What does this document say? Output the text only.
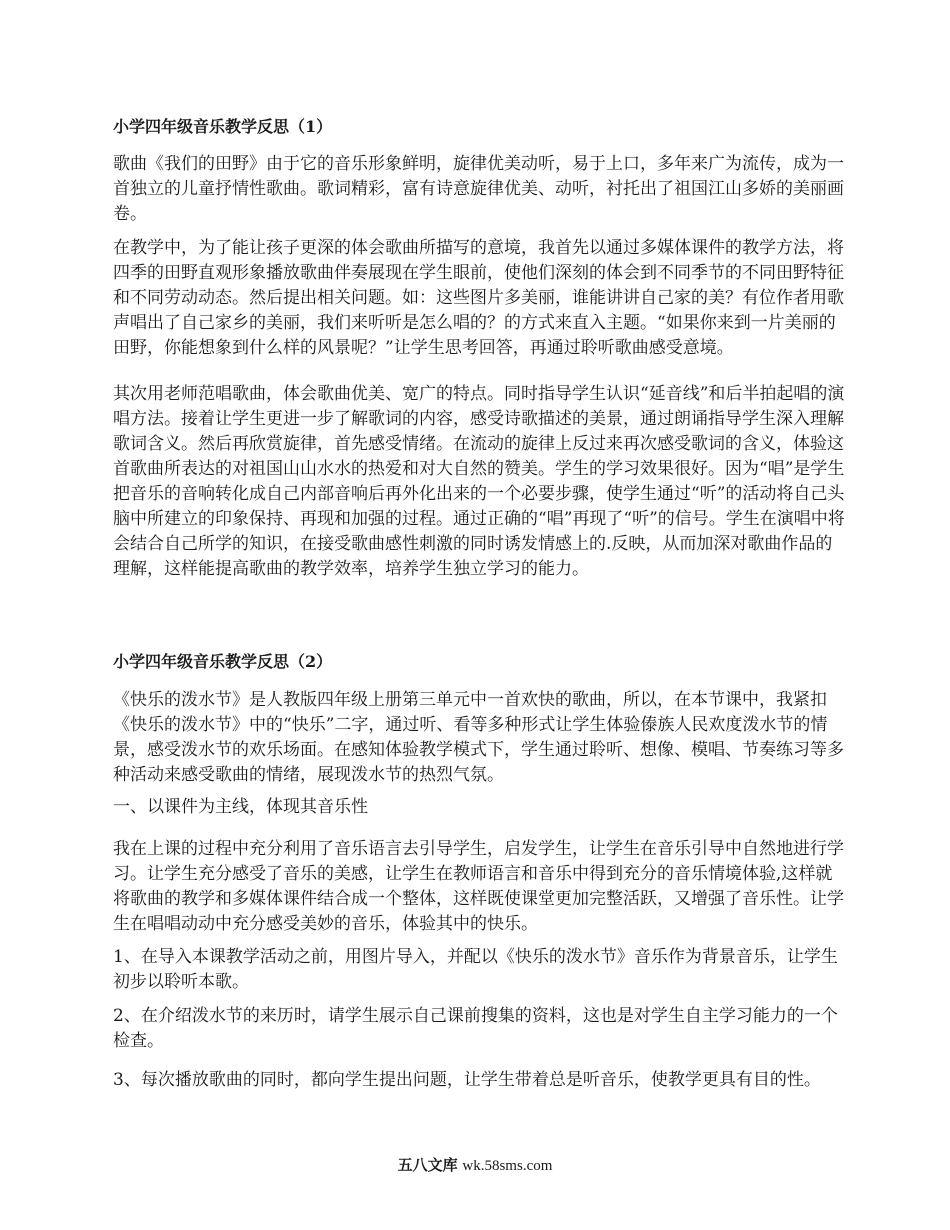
小学四年级音乐教学反思（1）

歌曲《我们的田野》由于它的音乐形象鲜明，旋律优美动听，易于上口，多年来广为流传，成为一首独立的儿童抒情性歌曲。歌词精彩，富有诗意旋律优美、动听，衬托出了祖国江山多娇的美丽画卷。

在教学中，为了能让孩子更深的体会歌曲所描写的意境，我首先以通过多媒体课件的教学方法，将四季的田野直观形象播放歌曲伴奏展现在学生眼前，使他们深刻的体会到不同季节的不同田野特征和不同劳动动态。然后提出相关问题。如：这些图片多美丽，谁能讲讲自己家的美？有位作者用歌声唱出了自己家乡的美丽，我们来听听是怎么唱的？的方式来直入主题。“如果你来到一片美丽的田野，你能想象到什么样的风景呢？”让学生思考回答，再通过聆听歌曲感受意境。

其次用老师范唱歌曲，体会歌曲优美、宽广的特点。同时指导学生认识“延音线”和后半拍起唱的演唱方法。接着让学生更进一步了解歌词的内容，感受诗歌描述的美景，通过朗诵指导学生深入理解歌词含义。然后再欣赏旋律，首先感受情绪。在流动的旋律上反过来再次感受歌词的含义，体验这首歌曲所表达的对祖国山山水水的热爱和对大自然的赞美。学生的学习效果很好。因为“唱”是学生把音乐的音响转化成自己内部音响后再外化出来的一个必要步骤，使学生通过“听”的活动将自己头脑中所建立的印象保持、再现和加强的过程。通过正确的“唱”再现了“听”的信号。学生在演唱中将会结合自己所学的知识，在接受歌曲感性刺激的同时诱发情感上的.反映，从而加深对歌曲作品的理解，这样能提高歌曲的教学效率，培养学生独立学习的能力。

小学四年级音乐教学反思（2）

《快乐的泼水节》是人教版四年级上册第三单元中一首欢快的歌曲，所以，在本节课中，我紧扣《快乐的泼水节》中的“快乐”二字，通过听、看等多种形式让学生体验傣族人民欢度泼水节的情景，感受泼水节的欢乐场面。在感知体验教学模式下，学生通过聆听、想像、模唱、节奏练习等多种活动来感受歌曲的情绪，展现泼水节的热烈气氛。

一、以课件为主线，体现其音乐性

我在上课的过程中充分利用了音乐语言去引导学生，启发学生，让学生在音乐引导中自然地进行学习。让学生充分感受了音乐的美感，让学生在教师语言和音乐中得到充分的音乐情境体验,这样就将歌曲的教学和多媒体课件结合成一个整体，这样既使课堂更加完整活跃，又增强了音乐性。让学生在唱唱动动中充分感受美妙的音乐，体验其中的快乐。

1、在导入本课教学活动之前，用图片导入，并配以《快乐的泼水节》音乐作为背景音乐，让学生初步以聆听本歌。

2、在介绍泼水节的来历时，请学生展示自己课前搜集的资料，这也是对学生自主学习能力的一个检查。

3、每次播放歌曲的同时，都向学生提出问题，让学生带着总是听音乐，使教学更具有目的性。

五八文库 wk.58sms.com
